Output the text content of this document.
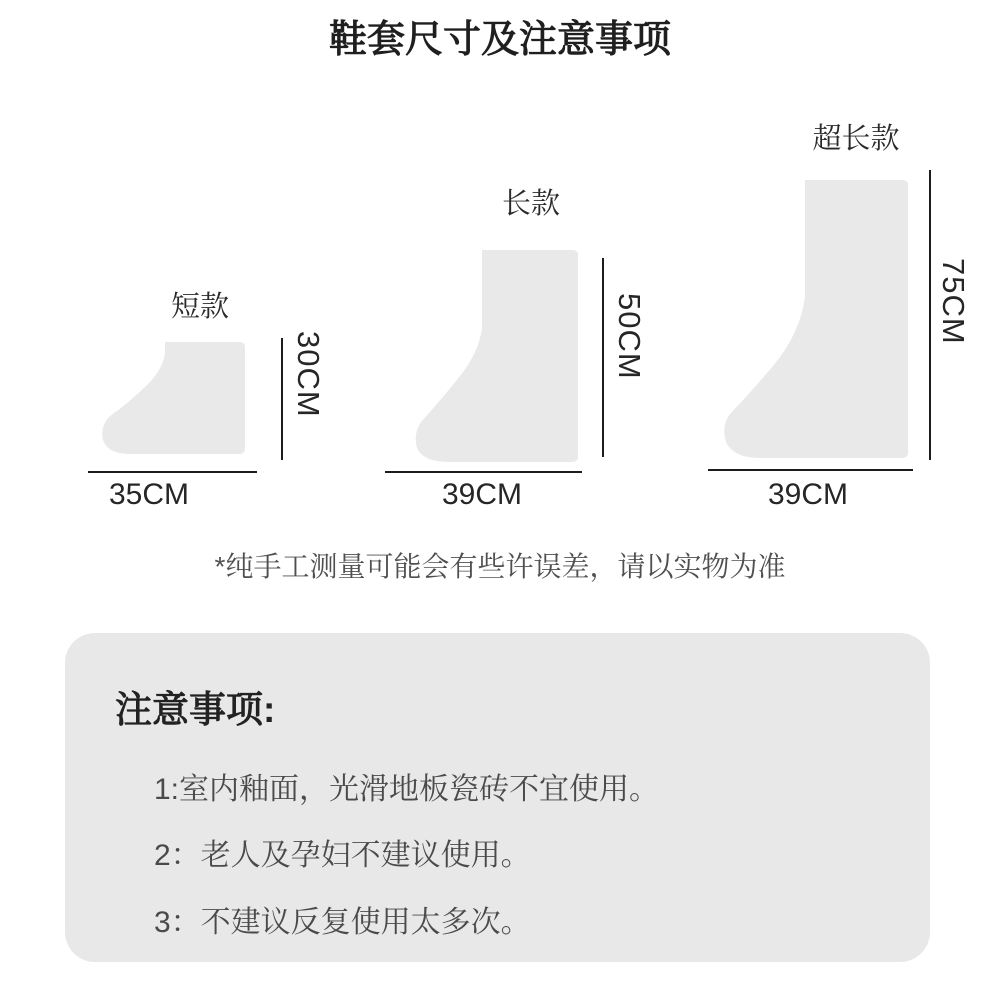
鞋套尺寸及注意事项
短款
35CM
30CM
长款
39CM
50CM
超长款
39CM
75CM
*纯手工测量可能会有些许误差，请以实物为准
注意事项:
1:室内釉面，光滑地板瓷砖不宜使用。
2：老人及孕妇不建议使用。
3：不建议反复使用太多次。
